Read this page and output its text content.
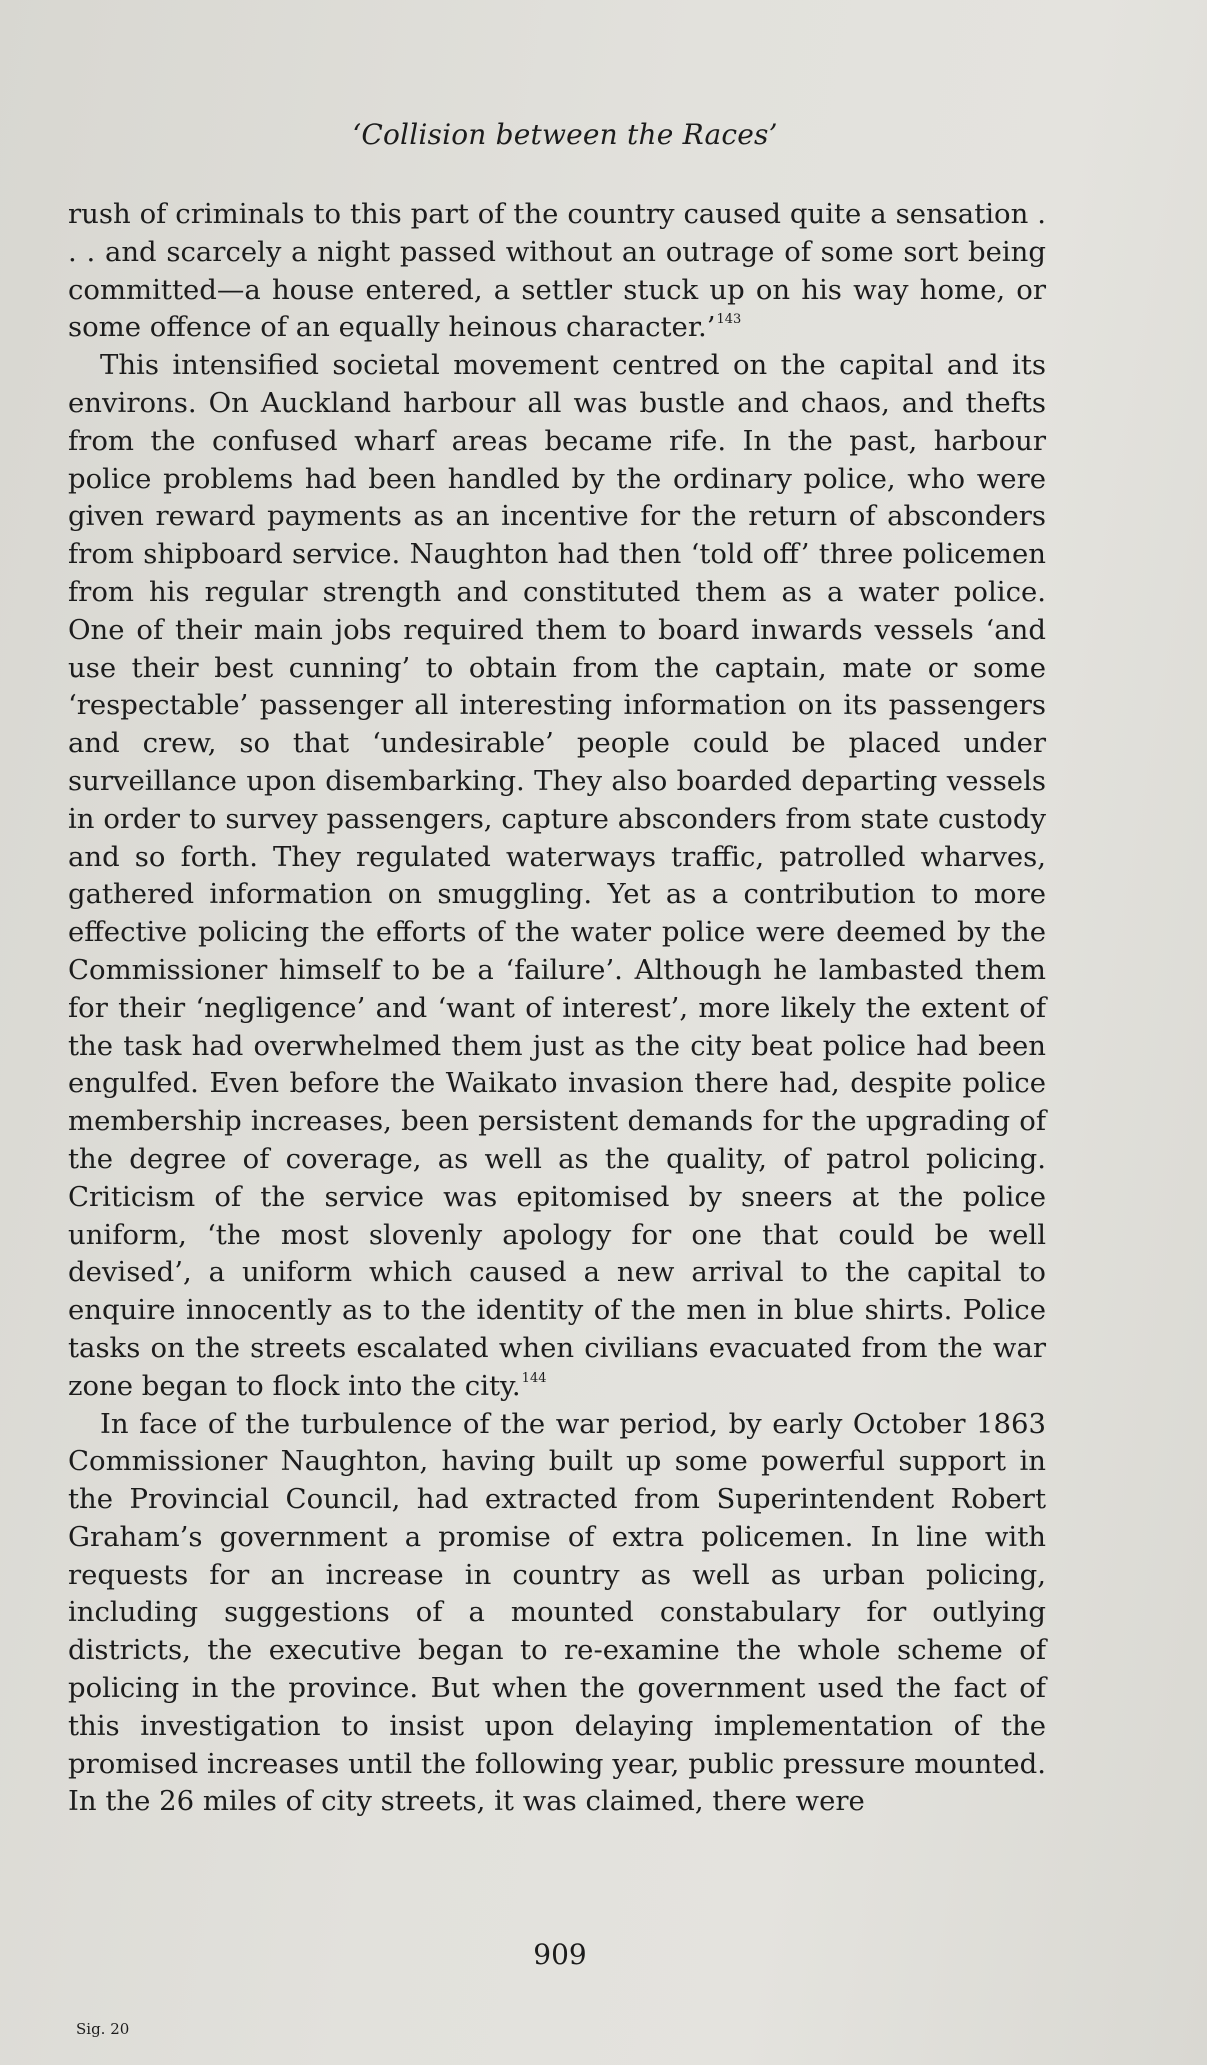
‘Collision between the Races’

rush of criminals to this part of the country caused quite a sensation . . . and scarcely a night passed without an outrage of some sort being committed—a house entered, a settler stuck up on his way home, or some offence of an equally heinous character.’$^{143}$

This intensified societal movement centred on the capital and its environs. On Auckland harbour all was bustle and chaos, and thefts from the confused wharf areas became rife. In the past, harbour police problems had been handled by the ordinary police, who were given reward payments as an incentive for the return of absconders from shipboard service. Naughton had then ‘told off’ three policemen from his regular strength and constituted them as a water police. One of their main jobs required them to board inwards vessels ‘and use their best cunning’ to obtain from the captain, mate or some ‘respectable’ passenger all interesting information on its passengers and crew, so that ‘undesirable’ people could be placed under surveillance upon disembarking. They also boarded departing vessels in order to survey passengers, capture absconders from state custody and so forth. They regulated waterways traffic, patrolled wharves, gathered information on smuggling. Yet as a contribution to more effective policing the efforts of the water police were deemed by the Commissioner himself to be a ‘failure’. Although he lambasted them for their ‘negligence’ and ‘want of interest’, more likely the extent of the task had overwhelmed them just as the city beat police had been engulfed. Even before the Waikato invasion there had, despite police membership increases, been persistent demands for the upgrading of the degree of coverage, as well as the quality, of patrol policing. Criticism of the service was epitomised by sneers at the police uniform, ‘the most slovenly apology for one that could be well devised’, a uniform which caused a new arrival to the capital to enquire innocently as to the identity of the men in blue shirts. Police tasks on the streets escalated when civilians evacuated from the war zone began to flock into the city.$^{144}$

In face of the turbulence of the war period, by early October 1863 Commissioner Naughton, having built up some powerful support in the Provincial Council, had extracted from Superintendent Robert Graham’s government a promise of extra policemen. In line with requests for an increase in country as well as urban policing, including suggestions of a mounted constabulary for outlying districts, the executive began to re-examine the whole scheme of policing in the province. But when the government used the fact of this investigation to insist upon delaying implementation of the promised increases until the following year, public pressure mounted. In the 26 miles of city streets, it was claimed, there were

909
Sig. 20
